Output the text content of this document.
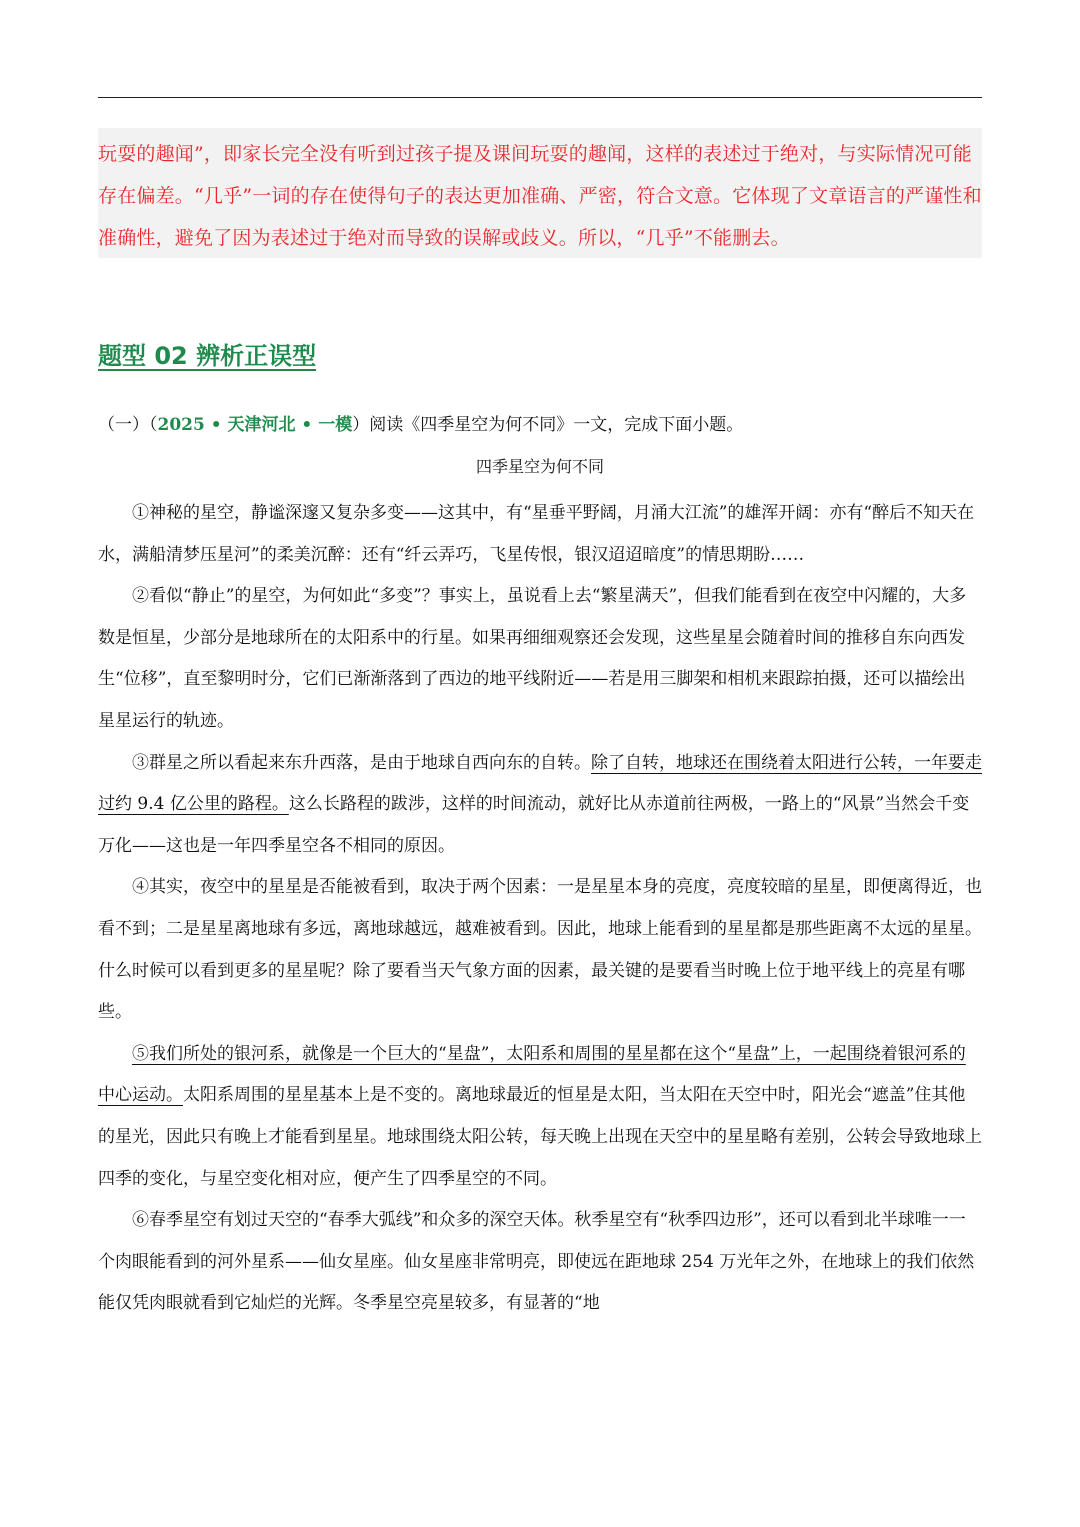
玩耍的趣闻”，即家长完全没有听到过孩子提及课间玩耍的趣闻，这样的表述过于绝对，与实际情况可能存在偏差。“几乎”一词的存在使得句子的表达更加准确、严密，符合文意。它体现了文章语言的严谨性和准确性，避免了因为表述过于绝对而导致的误解或歧义。所以，“几乎”不能删去。
题型 02 辨析正误型
（一）（2025 • 天津河北 • 一模）阅读《四季星空为何不同》一文，完成下面小题。
四季星空为何不同

①神秘的星空，静谧深邃又复杂多变——这其中，有“星垂平野阔，月涌大江流”的雄浑开阔：亦有“醉后不知天在水，满船清梦压星河”的柔美沉醉：还有“纤云弄巧，飞星传恨，银汉迢迢暗度”的情思期盼……

②看似“静止”的星空，为何如此“多变”？事实上，虽说看上去“繁星满天”，但我们能看到在夜空中闪耀的，大多数是恒星，少部分是地球所在的太阳系中的行星。如果再细细观察还会发现，这些星星会随着时间的推移自东向西发生“位移”，直至黎明时分，它们已渐渐落到了西边的地平线附近——若是用三脚架和相机来跟踪拍摄，还可以描绘出星星运行的轨迹。

③群星之所以看起来东升西落，是由于地球自西向东的自转。除了自转，地球还在围绕着太阳进行公转，一年要走过约 9.4 亿公里的路程。这么长路程的跋涉，这样的时间流动，就好比从赤道前往两极，一路上的“风景”当然会千变万化——这也是一年四季星空各不相同的原因。

④其实，夜空中的星星是否能被看到，取决于两个因素：一是星星本身的亮度，亮度较暗的星星，即便离得近，也看不到；二是星星离地球有多远，离地球越远，越难被看到。因此，地球上能看到的星星都是那些距离不太远的星星。什么时候可以看到更多的星星呢？除了要看当天气象方面的因素，最关键的是要看当时晚上位于地平线上的亮星有哪些。

⑤我们所处的银河系，就像是一个巨大的“星盘”，太阳系和周围的星星都在这个“星盘”上，一起围绕着银河系的中心运动。太阳系周围的星星基本上是不变的。离地球最近的恒星是太阳，当太阳在天空中时，阳光会“遮盖”住其他的星光，因此只有晚上才能看到星星。地球围绕太阳公转，每天晚上出现在天空中的星星略有差别，公转会导致地球上四季的变化，与星空变化相对应，便产生了四季星空的不同。

⑥春季星空有划过天空的“春季大弧线”和众多的深空天体。秋季星空有“秋季四边形”，还可以看到北半球唯一一个肉眼能看到的河外星系——仙女星座。仙女星座非常明亮，即使远在距地球 254 万光年之外，在地球上的我们依然能仅凭肉眼就看到它灿烂的光辉。冬季星空亮星较多，有显著的“地
